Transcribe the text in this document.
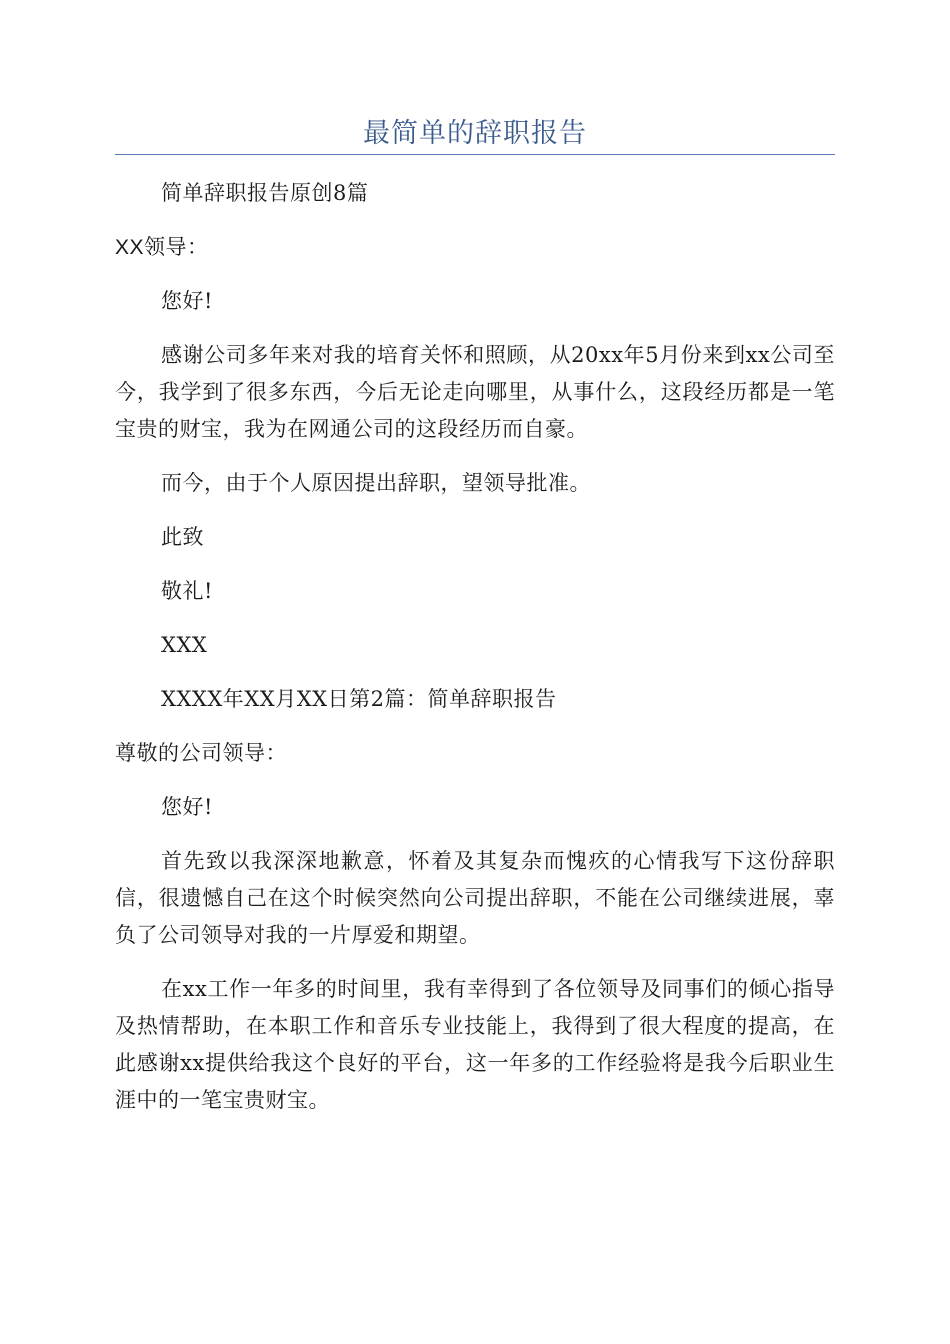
最简单的辞职报告

简单辞职报告原创8篇

XX领导：

您好!

感谢公司多年来对我的培育关怀和照顾，从20xx年5月份来到xx公司至今，我学到了很多东西，今后无论走向哪里，从事什么，这段经历都是一笔宝贵的财宝，我为在网通公司的这段经历而自豪。

而今，由于个人原因提出辞职，望领导批准。

此致

敬礼!

XXX

XXXX年XX月XX日第2篇：简单辞职报告

尊敬的公司领导：

您好!

首先致以我深深地歉意，怀着及其复杂而愧疚的心情我写下这份辞职信，很遗憾自己在这个时候突然向公司提出辞职，不能在公司继续进展，辜负了公司领导对我的一片厚爱和期望。

在xx工作一年多的时间里，我有幸得到了各位领导及同事们的倾心指导及热情帮助，在本职工作和音乐专业技能上，我得到了很大程度的提高，在此感谢xx提供给我这个良好的平台，这一年多的工作经验将是我今后职业生涯中的一笔宝贵财宝。
